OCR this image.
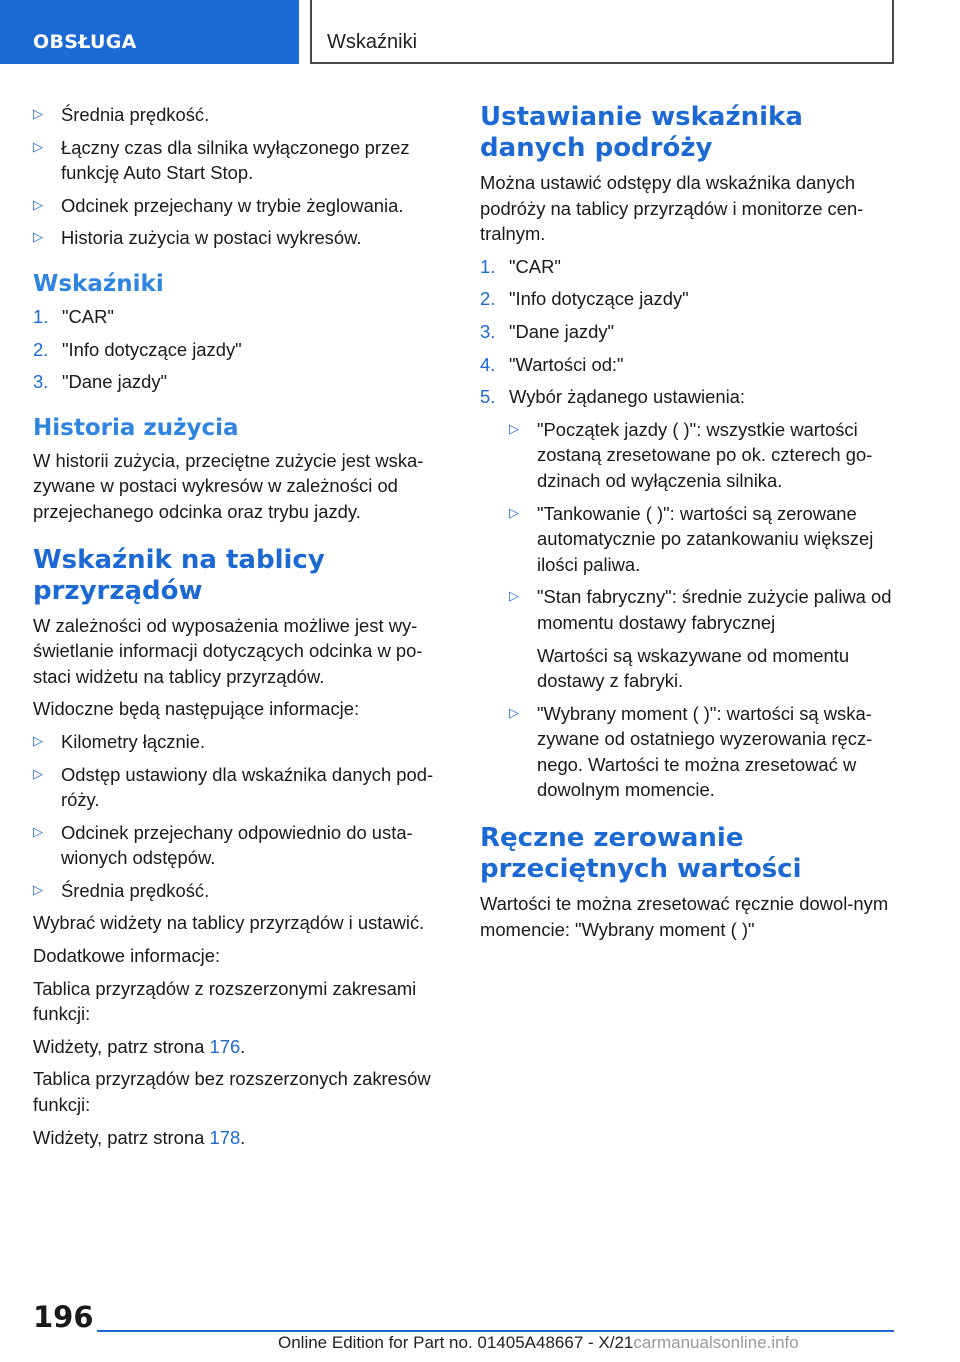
OBSŁUGA	Wskaźniki
▷ Średnia prędkość.
▷ Łączny czas dla silnika wyłączonego przez funkcję Auto Start Stop.
▷ Odcinek przejechany w trybie żeglowania.
▷ Historia zużycia w postaci wykresów.
Wskaźniki
1. "CAR"
2. "Info dotyczące jazdy"
3. "Dane jazdy"
Historia zużycia
W historii zużycia, przeciętne zużycie jest wska-zywane w postaci wykresów w zależności od przejechanego odcinka oraz trybu jazdy.
Wskaźnik na tablicy przyrządów
W zależności od wyposażenia możliwe jest wy-świetlanie informacji dotyczących odcinka w po-staci widżetu na tablicy przyrządów.
Widoczne będą następujące informacje:
▷ Kilometry łącznie.
▷ Odstęp ustawiony dla wskaźnika danych pod-róży.
▷ Odcinek przejechany odpowiednio do usta-wionych odstępów.
▷ Średnia prędkość.
Wybrać widżety na tablicy przyrządów i ustawić.
Dodatkowe informacje:
Tablica przyrządów z rozszerzonymi zakresami funkcji:
Widżety, patrz strona 176.
Tablica przyrządów bez rozszerzonych zakresów funkcji:
Widżety, patrz strona 178.
Ustawianie wskaźnika danych podróży
Można ustawić odstępy dla wskaźnika danych podróży na tablicy przyrządów i monitorze cen-tralnym.
1. "CAR"
2. "Info dotyczące jazdy"
3. "Dane jazdy"
4. "Wartości od:"
5. Wybór żądanego ustawienia:
▷ "Początek jazdy ( )": wszystkie wartości zostaną zresetowane po ok. czterech go-dzinach od wyłączenia silnika.
▷ "Tankowanie ( )": wartości są zerowane automatycznie po zatankowaniu większej ilości paliwa.
▷ "Stan fabryczny": średnie zużycie paliwa od momentu dostawy fabrycznej
Wartości są wskazywane od momentu dostawy z fabryki.
▷ "Wybrany moment ( )": wartości są wska-zywane od ostatniego wyzerowania ręcz-nego. Wartości te można zresetować w dowolnym momencie.
Ręczne zerowanie przeciętnych wartości
Wartości te można zresetować ręcznie dowol-nym momencie: "Wybrany moment ( )"
196
Online Edition for Part no. 01405A48667 - X/21carmanualsonline.info
